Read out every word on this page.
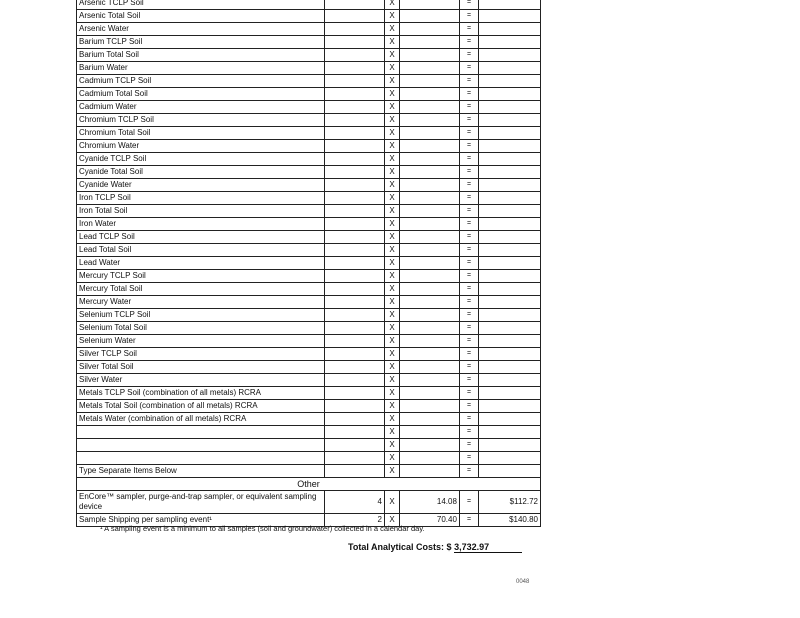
Arsenic TCLP Soil		X		=	
Arsenic Total Soil		X		=	
Arsenic Water		X		=	
Barium TCLP Soil		X		=	
Barium Total Soil		X		=	
Barium Water		X		=	
Cadmium TCLP Soil		X		=	
Cadmium Total Soil		X		=	
Cadmium Water		X		=	
Chromium TCLP Soil		X		=	
Chromium Total Soil		X		=	
Chromium Water		X		=	
Cyanide TCLP Soil		X		=	
Cyanide Total Soil		X		=	
Cyanide Water		X		=	
Iron TCLP Soil		X		=	
Iron Total Soil		X		=	
Iron Water		X		=	
Lead TCLP Soil		X		=	
Lead Total Soil		X		=	
Lead Water		X		=	
Mercury TCLP Soil		X		=	
Mercury Total Soil		X		=	
Mercury Water		X		=	
Selenium TCLP Soil		X		=	
Selenium Total Soil		X		=	
Selenium Water		X		=	
Silver TCLP Soil		X		=	
Silver Total Soil		X		=	
Silver Water		X		=	
Metals TCLP Soil (combination of all metals) RCRA		X		=	
Metals Total Soil (combination of all metals) RCRA		X		=	
Metals Water (combination of all metals) RCRA		X		=	
		X		=	
		X		=	
		X		=	
Type Separate Items Below		X		=	
Other					
EnCore™ sampler, purge-and-trap sampler, or equivalent sampling device	4	X	14.08	=	$112.72
Sample Shipping per sampling event¹	2	X	70.40	=	$140.80
¹ A sampling event is a minimum to all samples (soil and groundwater) collected in a calendar day.
Total Analytical Costs: $ 3,732.97
0048
